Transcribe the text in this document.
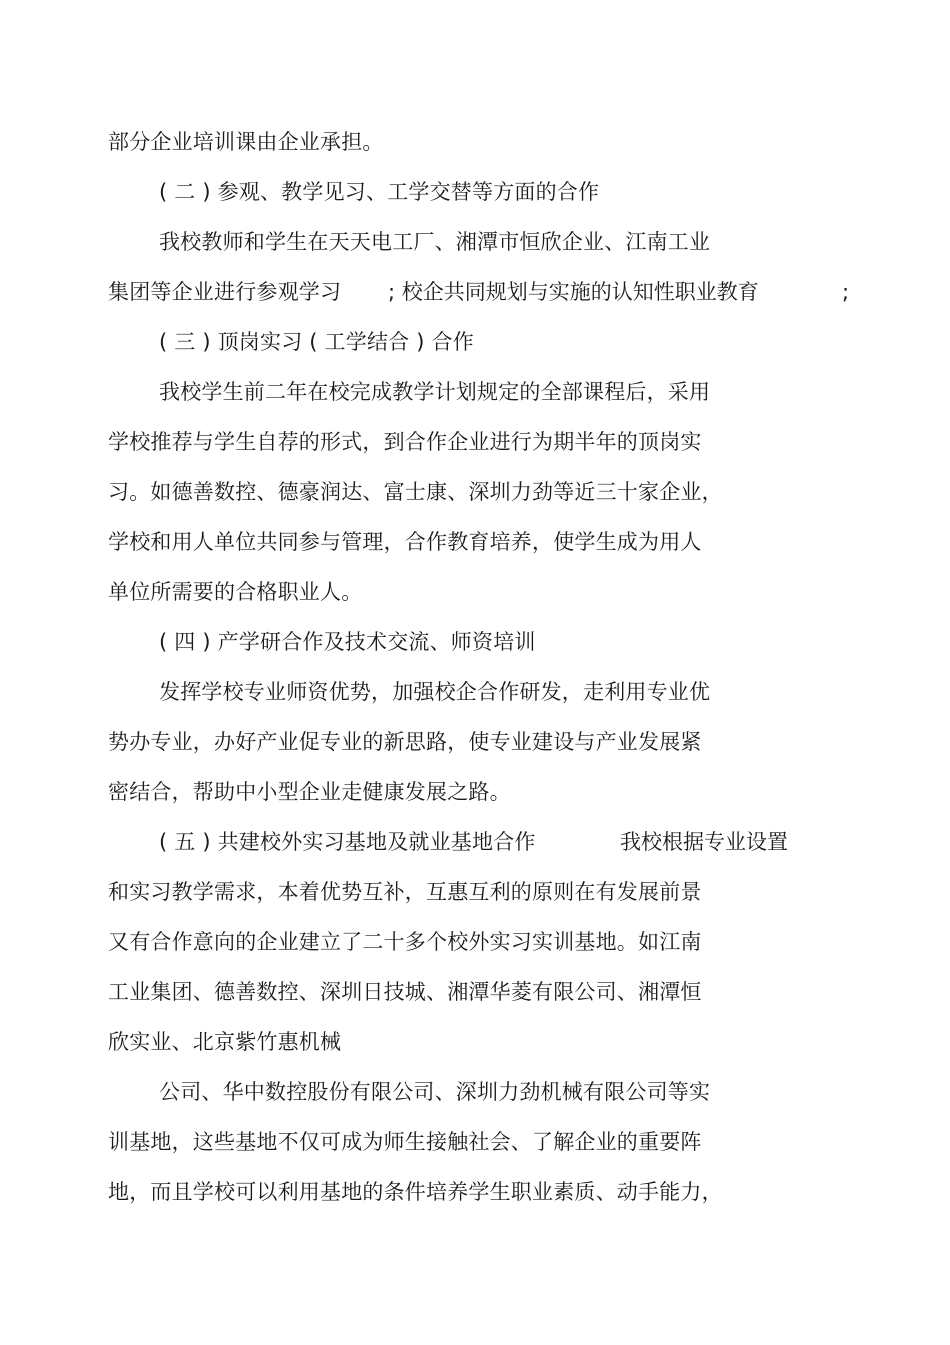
部分企业培训课由企业承担。
( 二 ) 参观、教学见习、工学交替等方面的合作
我校教师和学生在天天电工厂、湘潭市恒欣企业、江南工业
集团等企业进行参观学习 ; 校企共同规划与实施的认知性职业教育	;
( 三 ) 顶岗实习 ( 工学结合 ) 合作
我校学生前二年在校完成教学计划规定的全部课程后，采用
学校推荐与学生自荐的形式，到合作企业进行为期半年的顶岗实
习。如德善数控、德豪润达、富士康、深圳力劲等近三十家企业，
学校和用人单位共同参与管理，合作教育培养，使学生成为用人
单位所需要的合格职业人。
( 四 ) 产学研合作及技术交流、师资培训
发挥学校专业师资优势，加强校企合作研发，走利用专业优
势办专业，办好产业促专业的新思路，使专业建设与产业发展紧
密结合，帮助中小型企业走健康发展之路。
( 五 ) 共建校外实习基地及就业基地合作	我校根据专业设置
和实习教学需求，本着优势互补，互惠互利的原则在有发展前景
又有合作意向的企业建立了二十多个校外实习实训基地。如江南
工业集团、德善数控、深圳日技城、湘潭华菱有限公司、湘潭恒
欣实业、北京紫竹惠机械
公司、华中数控股份有限公司、深圳力劲机械有限公司等实
训基地，这些基地不仅可成为师生接触社会、了解企业的重要阵
地，而且学校可以利用基地的条件培养学生职业素质、动手能力，
